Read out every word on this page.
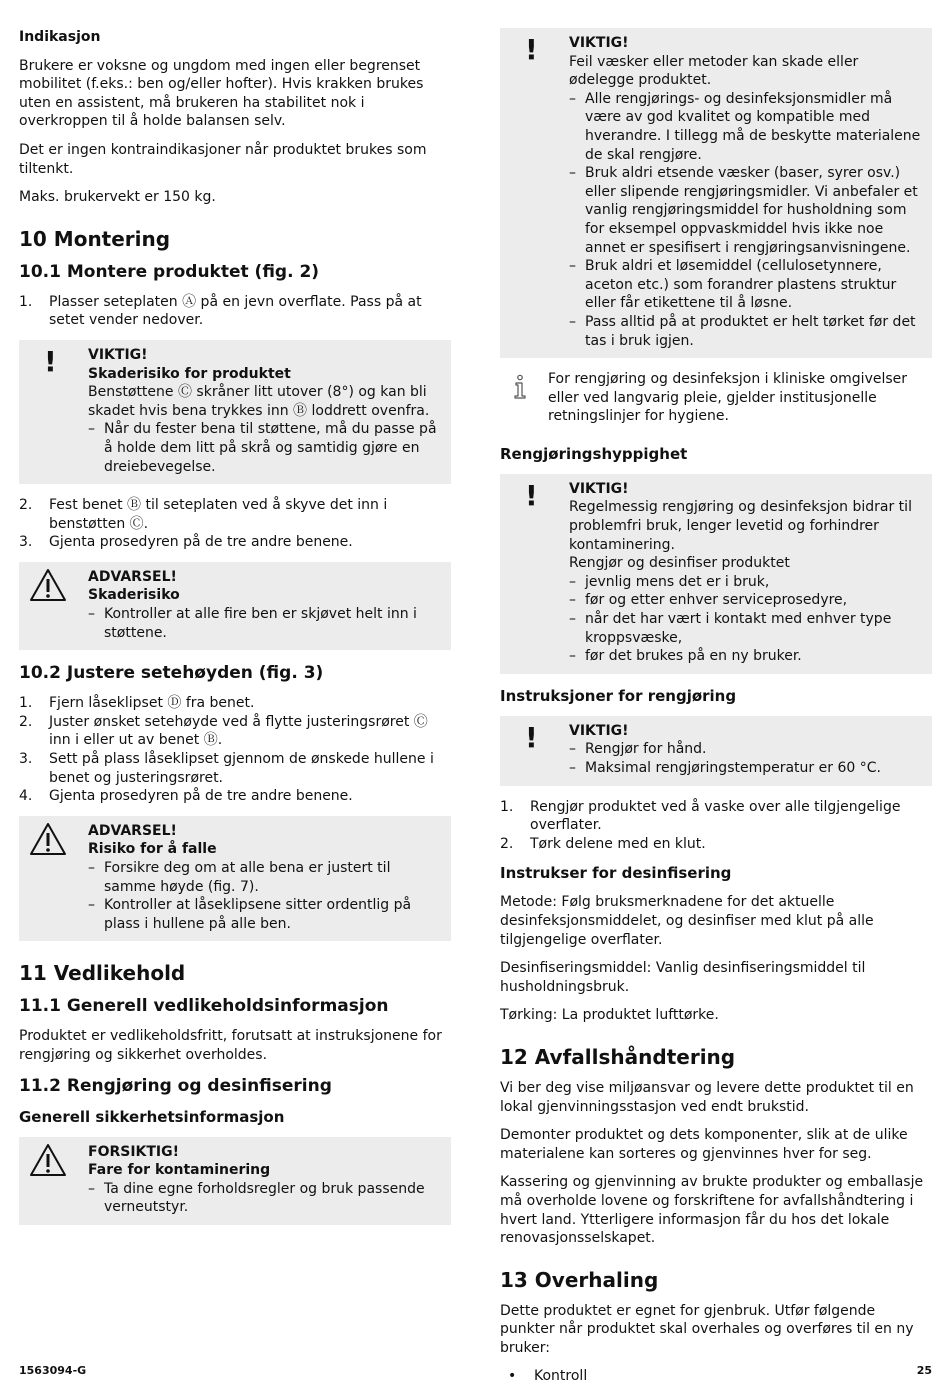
Indikasjon

Brukere er voksne og ungdom med ingen eller begrenset mobilitet (f.eks.: ben og/eller hofter). Hvis krakken brukes uten en assistent, må brukeren ha stabilitet nok i overkroppen til å holde balansen selv.

Det er ingen kontraindikasjoner når produktet brukes som tiltenkt.

Maks. brukervekt er 150 kg.

10 Montering
10.1 Montere produktet (fig. 2)
1. Plasser seteplaten Ⓐ på en jevn overflate. Pass på at setet vender nedover.
! VIKTIG!
Skaderisiko for produktet
Benstøttene Ⓒ skråner litt utover (8°) og kan bli skadet hvis bena trykkes inn Ⓑ loddrett ovenfra.
– Når du fester bena til støttene, må du passe på å holde dem litt på skrå og samtidig gjøre en dreiebevegelse.
2. Fest benet Ⓑ til seteplaten ved å skyve det inn i benstøtten Ⓒ.
3. Gjenta prosedyren på de tre andre benene.
ADVARSEL!
Skaderisiko
– Kontroller at alle fire ben er skjøvet helt inn i støttene.
10.2 Justere setehøyden (fig. 3)
1. Fjern låseklipset Ⓓ fra benet.
2. Juster ønsket setehøyde ved å flytte justeringsrøret Ⓒ inn i eller ut av benet Ⓑ.
3. Sett på plass låseklipset gjennom de ønskede hullene i benet og justeringsrøret.
4. Gjenta prosedyren på de tre andre benene.
ADVARSEL!
Risiko for å falle
– Forsikre deg om at alle bena er justert til samme høyde (fig. 7).
– Kontroller at låseklipsene sitter ordentlig på plass i hullene på alle ben.
11 Vedlikehold
11.1 Generell vedlikeholdsinformasjon

Produktet er vedlikeholdsfritt, forutsatt at instruksjonene for rengjøring og sikkerhet overholdes.

11.2 Rengjøring og desinfisering
Generell sikkerhetsinformasjon
FORSIKTIG!
Fare for kontaminering
– Ta dine egne forholdsregler og bruk passende verneutstyr.
! VIKTIG!
Feil væsker eller metoder kan skade eller ødelegge produktet.
– Alle rengjørings- og desinfeksjonsmidler må være av god kvalitet og kompatible med hverandre. I tillegg må de beskytte materialene de skal rengjøre.
– Bruk aldri etsende væsker (baser, syrer osv.) eller slipende rengjøringsmidler. Vi anbefaler et vanlig rengjøringsmiddel for husholdning som for eksempel oppvaskmiddel hvis ikke noe annet er spesifisert i rengjøringsanvisningene.
– Bruk aldri et løsemiddel (cellulosetynnere, aceton etc.) som forandrer plastens struktur eller får etikettene til å løsne.
– Pass alltid på at produktet er helt tørket før det tas i bruk igjen.
For rengjøring og desinfeksjon i kliniske omgivelser eller ved langvarig pleie, gjelder institusjonelle retningslinjer for hygiene.
Rengjøringshyppighet
! VIKTIG!
Regelmessig rengjøring og desinfeksjon bidrar til problemfri bruk, lenger levetid og forhindrer kontaminering.
Rengjør og desinfiser produktet
– jevnlig mens det er i bruk,
– før og etter enhver serviceprosedyre,
– når det har vært i kontakt med enhver type kroppsvæske,
– før det brukes på en ny bruker.
Instruksjoner for rengjøring
! VIKTIG!
– Rengjør for hånd.
– Maksimal rengjøringstemperatur er 60 °C.
1. Rengjør produktet ved å vaske over alle tilgjengelige overflater.
2. Tørk delene med en klut.
Instrukser for desinfisering

Metode: Følg bruksmerknadene for det aktuelle desinfeksjonsmiddelet, og desinfiser med klut på alle tilgjengelige overflater.

Desinfiseringsmiddel: Vanlig desinfiseringsmiddel til husholdningsbruk.

Tørking: La produktet lufttørke.

12 Avfallshåndtering

Vi ber deg vise miljøansvar og levere dette produktet til en lokal gjenvinningsstasjon ved endt brukstid.

Demonter produktet og dets komponenter, slik at de ulike materialene kan sorteres og gjenvinnes hver for seg.

Kassering og gjenvinning av brukte produkter og emballasje må overholde lovene og forskriftene for avfallshåndtering i hvert land. Ytterligere informasjon får du hos det lokale renovasjonsselskapet.

13 Overhaling

Dette produktet er egnet for gjenbruk. Utfør følgende punkter når produktet skal overhales og overføres til en ny bruker:

• Kontroll
1563094-G	25
